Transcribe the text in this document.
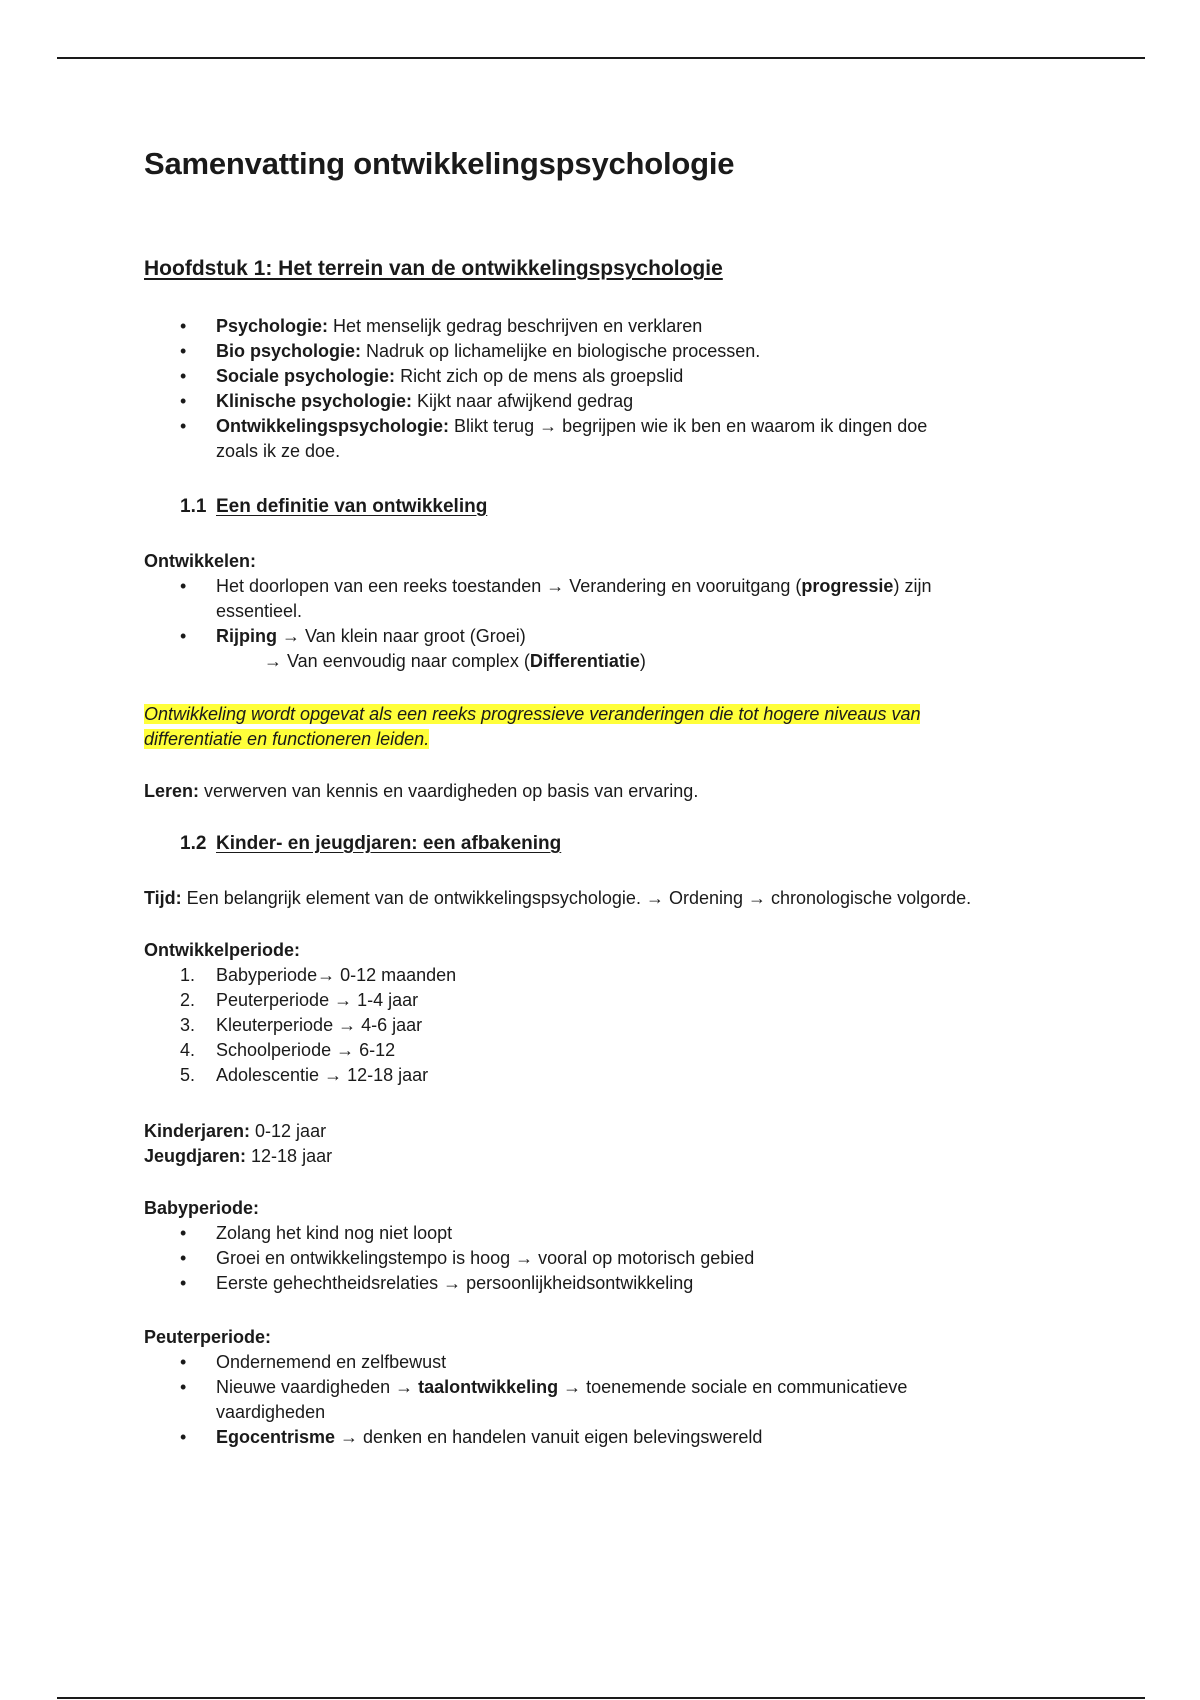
Samenvatting ontwikkelingspsychologie
Hoofdstuk 1: Het terrein van de ontwikkelingspsychologie
• Psychologie: Het menselijk gedrag beschrijven en verklaren
• Bio psychologie: Nadruk op lichamelijke en biologische processen.
• Sociale psychologie: Richt zich op de mens als groepslid
• Klinische psychologie: Kijkt naar afwijkend gedrag
• Ontwikkelingspsychologie: Blikt terug → begrijpen wie ik ben en waarom ik dingen doe zoals ik ze doe.
1.1 Een definitie van ontwikkeling
Ontwikkelen:
• Het doorlopen van een reeks toestanden → Verandering en vooruitgang (progressie) zijn essentieel.
• Rijping → Van klein naar groot (Groei)
→ Van eenvoudig naar complex (Differentiatie)
Ontwikkeling wordt opgevat als een reeks progressieve veranderingen die tot hogere niveaus van
differentiatie en functioneren leiden.
Leren: verwerven van kennis en vaardigheden op basis van ervaring.
1.2 Kinder- en jeugdjaren: een afbakening
Tijd: Een belangrijk element van de ontwikkelingspsychologie. → Ordening → chronologische volgorde.
Ontwikkelperiode:
1. Babyperiode→ 0-12 maanden
2. Peuterperiode → 1-4 jaar
3. Kleuterperiode → 4-6 jaar
4. Schoolperiode → 6-12
5. Adolescentie → 12-18 jaar
Kinderjaren: 0-12 jaar
Jeugdjaren: 12-18 jaar
Babyperiode:
• Zolang het kind nog niet loopt
• Groei en ontwikkelingstempo is hoog → vooral op motorisch gebied
• Eerste gehechtheidsrelaties → persoonlijkheidsontwikkeling
Peuterperiode:
• Ondernemend en zelfbewust
• Nieuwe vaardigheden → taalontwikkeling → toenemende sociale en communicatieve vaardigheden
• Egocentrisme → denken en handelen vanuit eigen belevingswereld
